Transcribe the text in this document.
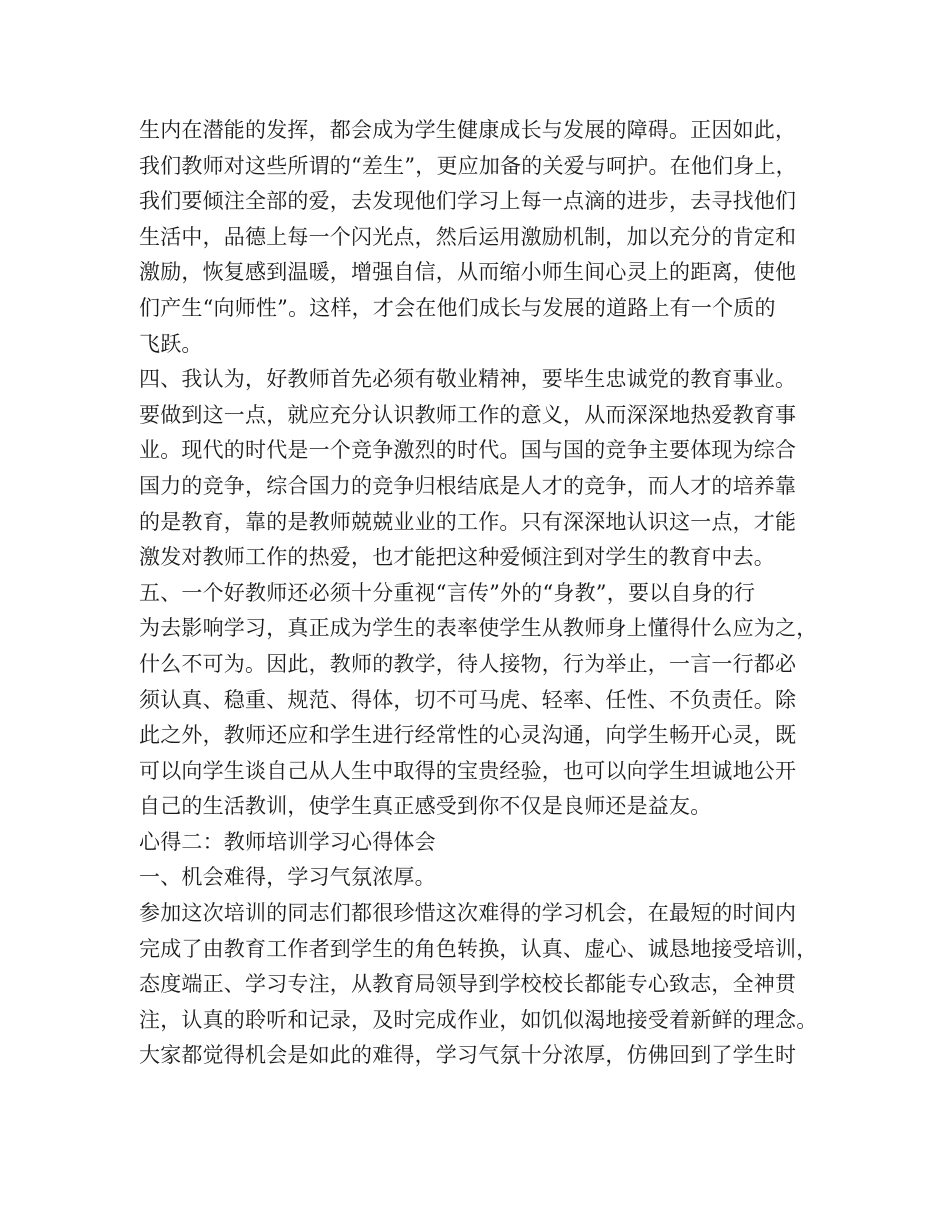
生内在潜能的发挥，都会成为学生健康成长与发展的障碍。正因如此，
我们教师对这些所谓的“差生”，更应加备的关爱与呵护。在他们身上，
我们要倾注全部的爱，去发现他们学习上每一点滴的进步，去寻找他们
生活中，品德上每一个闪光点，然后运用激励机制，加以充分的肯定和
激励，恢复感到温暖，增强自信，从而缩小师生间心灵上的距离，使他
们产生“向师性”。这样，才会在他们成长与发展的道路上有一个质的
飞跃。
四、我认为，好教师首先必须有敬业精神，要毕生忠诚党的教育事业。
要做到这一点，就应充分认识教师工作的意义，从而深深地热爱教育事
业。现代的时代是一个竞争激烈的时代。国与国的竞争主要体现为综合
国力的竞争，综合国力的竞争归根结底是人才的竞争，而人才的培养靠
的是教育，靠的是教师兢兢业业的工作。只有深深地认识这一点，才能
激发对教师工作的热爱，也才能把这种爱倾注到对学生的教育中去。
五、一个好教师还必须十分重视“言传”外的“身教”，要以自身的行
为去影响学习，真正成为学生的表率使学生从教师身上懂得什么应为之，
什么不可为。因此，教师的教学，待人接物，行为举止，一言一行都必
须认真、稳重、规范、得体，切不可马虎、轻率、任性、不负责任。除
此之外，教师还应和学生进行经常性的心灵沟通，向学生畅开心灵，既
可以向学生谈自己从人生中取得的宝贵经验，也可以向学生坦诚地公开
自己的生活教训，使学生真正感受到你不仅是良师还是益友。
心得二：教师培训学习心得体会
一、机会难得，学习气氛浓厚。
参加这次培训的同志们都很珍惜这次难得的学习机会，在最短的时间内
完成了由教育工作者到学生的角色转换，认真、虚心、诚恳地接受培训，
态度端正、学习专注，从教育局领导到学校校长都能专心致志，全神贯
注，认真的聆听和记录，及时完成作业，如饥似渴地接受着新鲜的理念。
大家都觉得机会是如此的难得，学习气氛十分浓厚，仿佛回到了学生时
